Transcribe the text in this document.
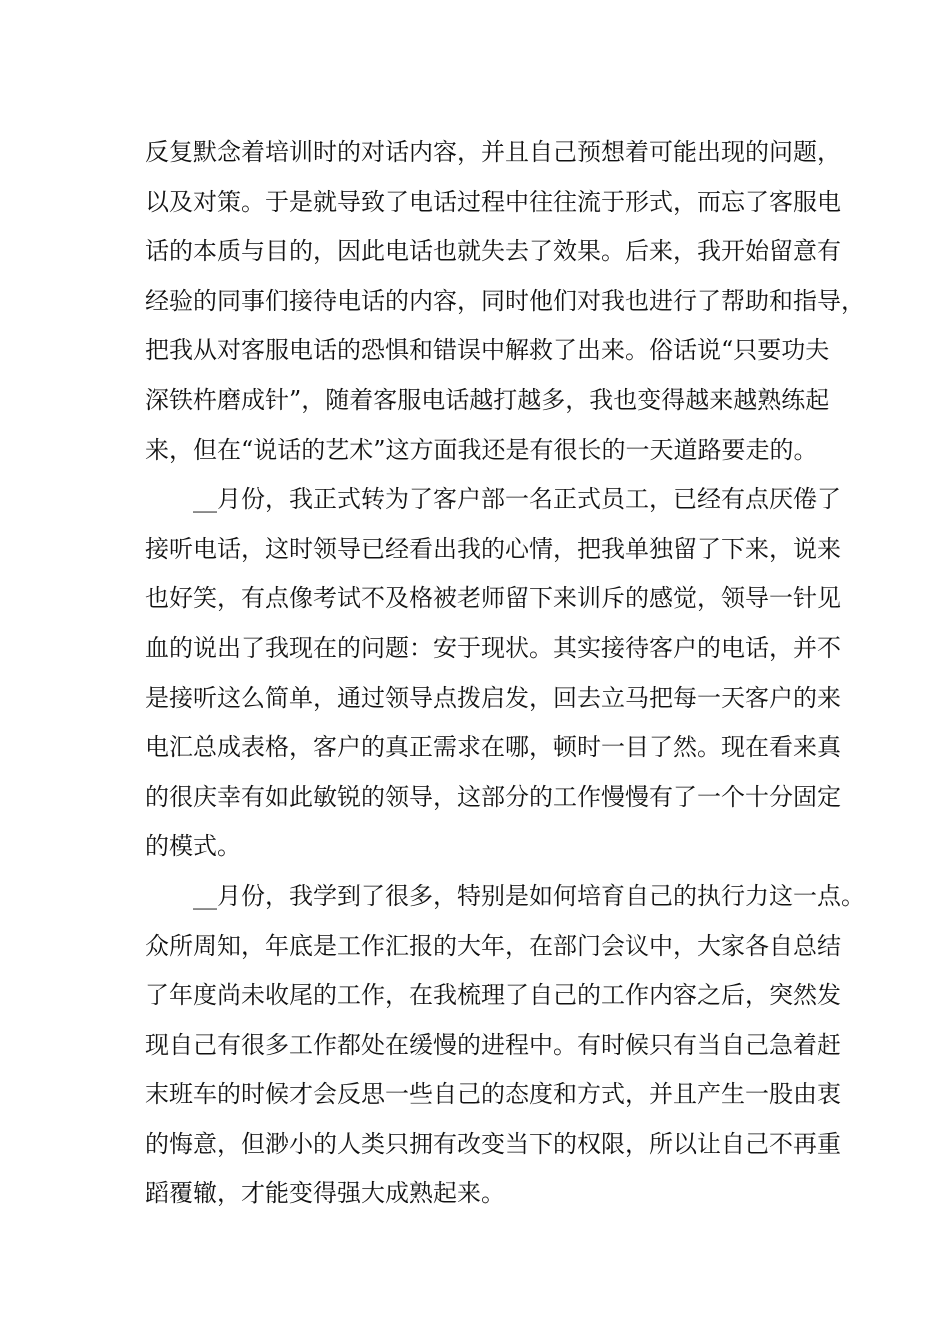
反复默念着培训时的对话内容，并且自己预想着可能出现的问题，
以及对策。于是就导致了电话过程中往往流于形式，而忘了客服电
话的本质与目的，因此电话也就失去了效果。后来，我开始留意有
经验的同事们接待电话的内容，同时他们对我也进行了帮助和指导，
把我从对客服电话的恐惧和错误中解救了出来。俗话说“只要功夫
深铁杵磨成针”，随着客服电话越打越多，我也变得越来越熟练起
来，但在“说话的艺术”这方面我还是有很长的一天道路要走的。
__月份，我正式转为了客户部一名正式员工，已经有点厌倦了
接听电话，这时领导已经看出我的心情，把我单独留了下来，说来
也好笑，有点像考试不及格被老师留下来训斥的感觉，领导一针见
血的说出了我现在的问题：安于现状。其实接待客户的电话，并不
是接听这么简单，通过领导点拨启发，回去立马把每一天客户的来
电汇总成表格，客户的真正需求在哪，顿时一目了然。现在看来真
的很庆幸有如此敏锐的领导，这部分的工作慢慢有了一个十分固定
的模式。
__月份，我学到了很多，特别是如何培育自己的执行力这一点。
众所周知，年底是工作汇报的大年，在部门会议中，大家各自总结
了年度尚未收尾的工作，在我梳理了自己的工作内容之后，突然发
现自己有很多工作都处在缓慢的进程中。有时候只有当自己急着赶
末班车的时候才会反思一些自己的态度和方式，并且产生一股由衷
的悔意，但渺小的人类只拥有改变当下的权限，所以让自己不再重
蹈覆辙，才能变得强大成熟起来。
